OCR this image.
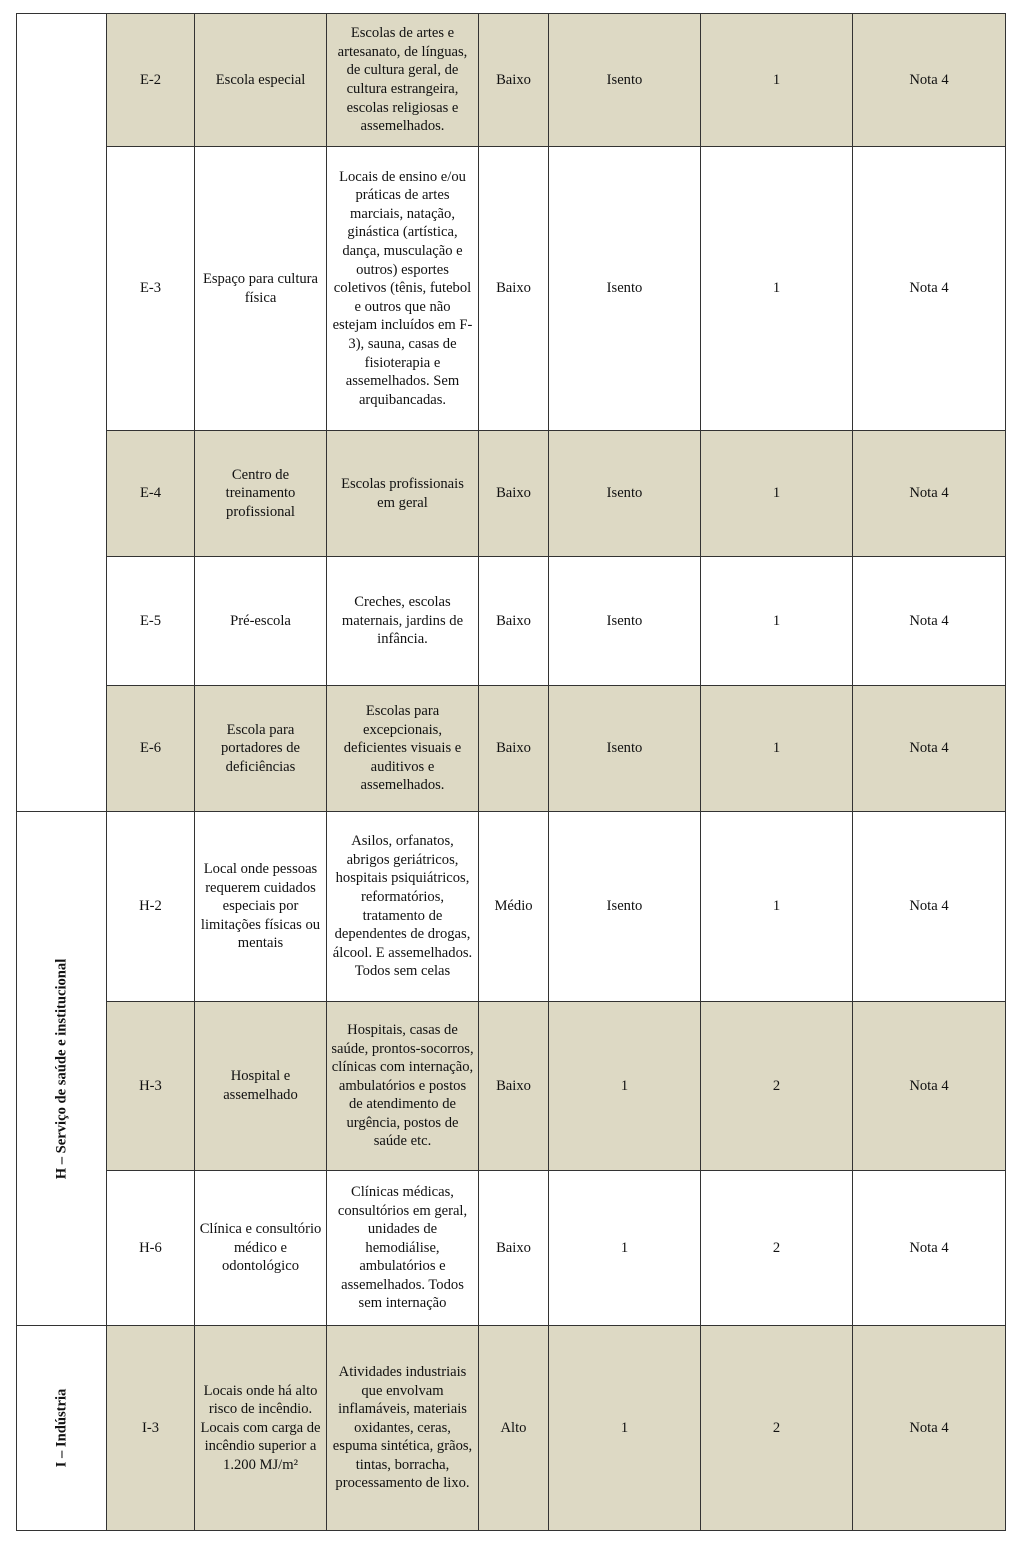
	E-2	Escola especial	Escolas de artes e artesanato, de línguas, de cultura geral, de cultura estrangeira, escolas religiosas e assemelhados.	Baixo	Isento	1	Nota 4
	E-3	Espaço para cultura física	Locais de ensino e/ou práticas de artes marciais, natação, ginástica (artística, dança, musculação e outros) esportes coletivos (tênis, futebol e outros que não estejam incluídos em F-3), sauna, casas de fisioterapia e assemelhados. Sem arquibancadas.	Baixo	Isento	1	Nota 4
	E-4	Centro de treinamento profissional	Escolas profissionais em geral	Baixo	Isento	1	Nota 4
	E-5	Pré-escola	Creches, escolas maternais, jardins de infância.	Baixo	Isento	1	Nota 4
	E-6	Escola para portadores de deficiências	Escolas para excepcionais, deficientes visuais e auditivos e assemelhados.	Baixo	Isento	1	Nota 4

H – Serviço de saúde e institucional	H-2	Local onde pessoas requerem cuidados especiais por limitações físicas ou mentais	Asilos, orfanatos, abrigos geriátricos, hospitais psiquiátricos, reformatórios, tratamento de dependentes de drogas, álcool. E assemelhados. Todos sem celas	Médio	Isento	1	Nota 4
	H-3	Hospital e assemelhado	Hospitais, casas de saúde, prontos-socorros, clínicas com internação, ambulatórios e postos de atendimento de urgência, postos de saúde etc.	Baixo	1	2	Nota 4
	H-6	Clínica e consultório médico e odontológico	Clínicas médicas, consultórios em geral, unidades de hemodiálise, ambulatórios e assemelhados. Todos sem internação	Baixo	1	2	Nota 4

I – Indústria	I-3	Locais onde há alto risco de incêndio. Locais com carga de incêndio superior a 1.200 MJ/m²	Atividades industriais que envolvam inflamáveis, materiais oxidantes, ceras, espuma sintética, grãos, tintas, borracha, processamento de lixo.	Alto	1	2	Nota 4
